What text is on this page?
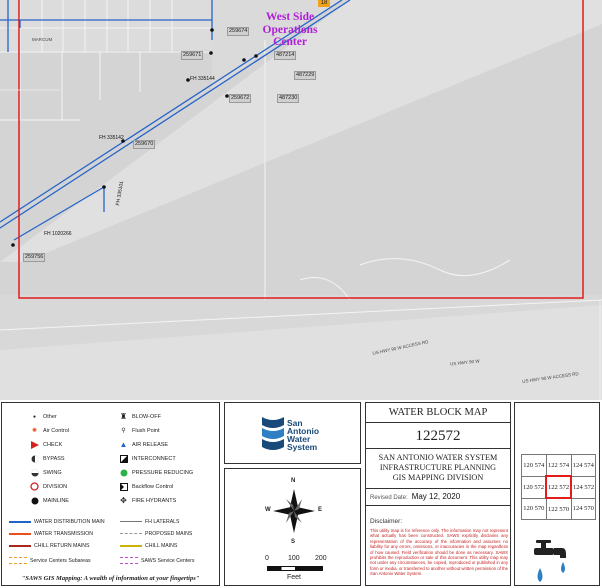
West Side Operations Center
259674
259671
259672
259670
259756
487214
487229
487230
FH 335144
FH 335142
FH 1020266
FH 335101
MARCUM
US HWY 90 W ACCESS RD
US HWY 90 W
US HWY 90 W ACCESS RD
18
●	Other
✺	Air Control
CHECK
BYPASS
SWING
DIVISION
MAINLINE
♜ BLOW-OFF
⚲	Flush Point
▲ AIR RELEASE
INTERCONNECT
PRESSURE REDUCING
Backflow Control
✥ FIRE HYDRANTS
WATER DISTRIBUTION MAIN
WATER TRANSMISSION
CHILL RETURN MAINS
Service Centers Subareas
FH LATERALS
PROPOSED MAINS
CHILL MAINS
SAWS Service Centers
"SAWS GIS Mapping: A wealth of information at your fingertips"
San
Antonio
Water
System
N
S
W	E
0	100 200
Feet
WATER BLOCK MAP
122572
SAN ANTONIO WATER SYSTEM
INFRASTRUCTURE PLANNING
GIS MAPPING DIVISION
Revised Date: May 12, 2020
Disclaimer:
This utility map is for reference only. The information may not represent what actually has been constructed. SAWS explicitly disclaims any representation of the accuracy of the information and assumes no liability for any errors, omissions, or inaccuracies in the map regardless of how caused. Field verification should be done as necessary. SAWS prohibits the reproduction or sale of this document. This utility map may not under any circumstances, be copied, reproduced or published in any form or media, or transferred to another without written permission of the San Antonio Water System.
120 574	122 574	124 574
120 572	122 572	124 572
120 570	122 570	124 570
